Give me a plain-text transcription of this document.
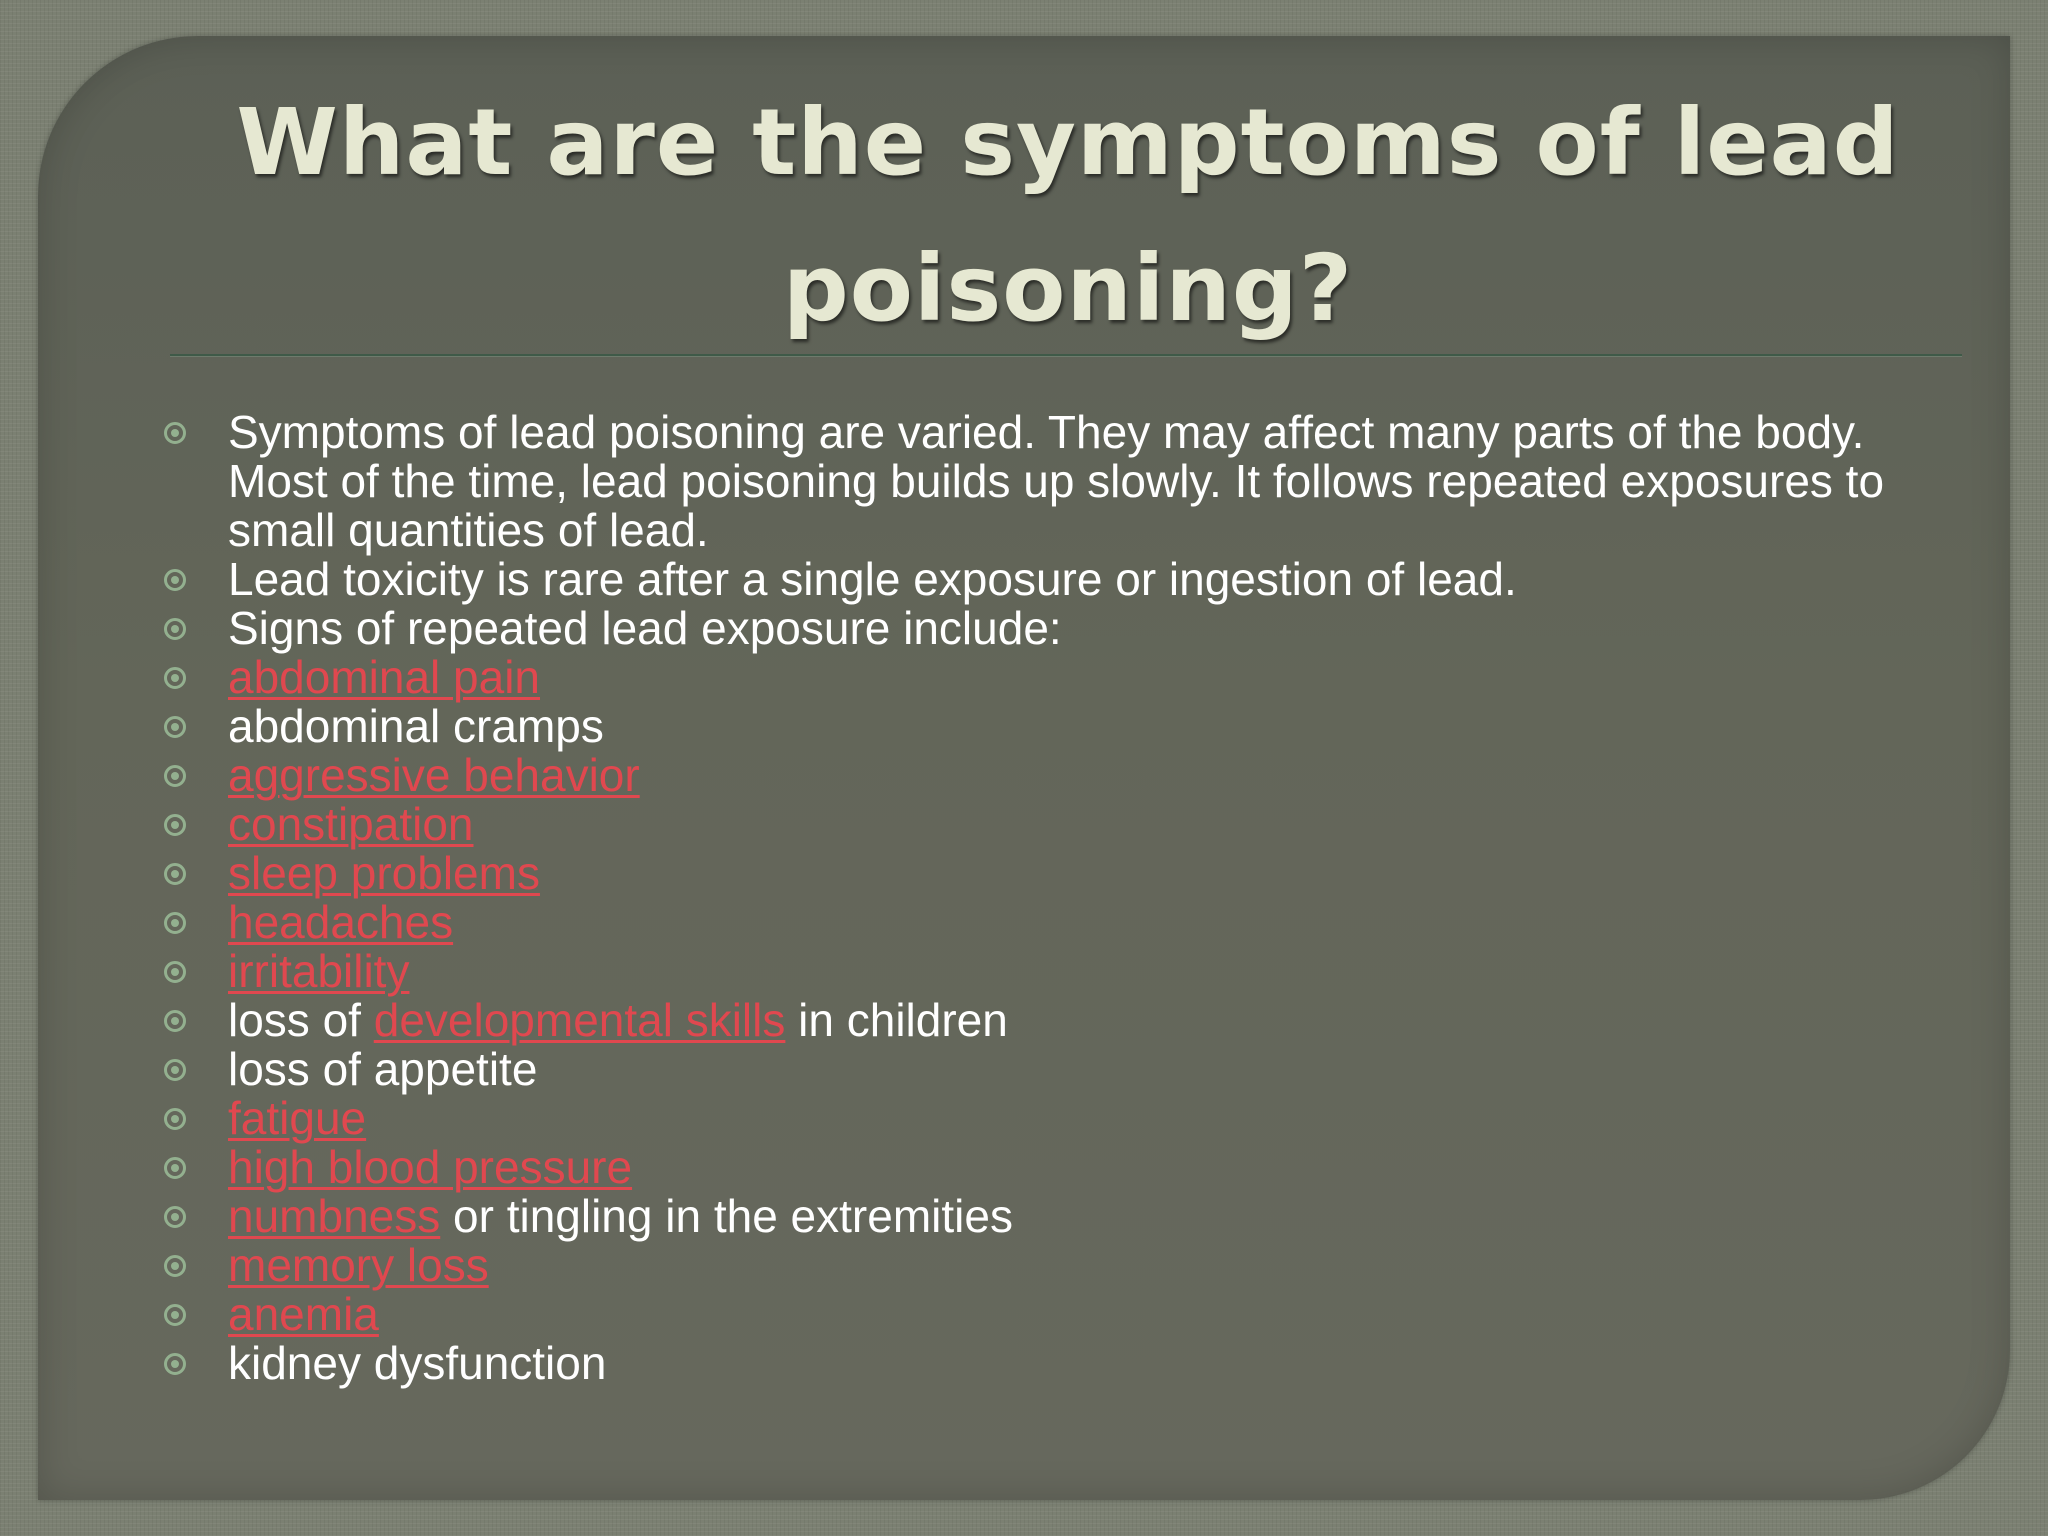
What are the symptoms of lead
poisoning?
Symptoms of lead poisoning are varied. They may affect many parts of the body. Most of the time, lead poisoning builds up slowly. It follows repeated exposures to small quantities of lead.
Lead toxicity is rare after a single exposure or ingestion of lead.
Signs of repeated lead exposure include:
abdominal pain
abdominal cramps
aggressive behavior
constipation
sleep problems
headaches
irritability
loss of developmental skills in children
loss of appetite
fatigue
high blood pressure
numbness or tingling in the extremities
memory loss
anemia
kidney dysfunction
